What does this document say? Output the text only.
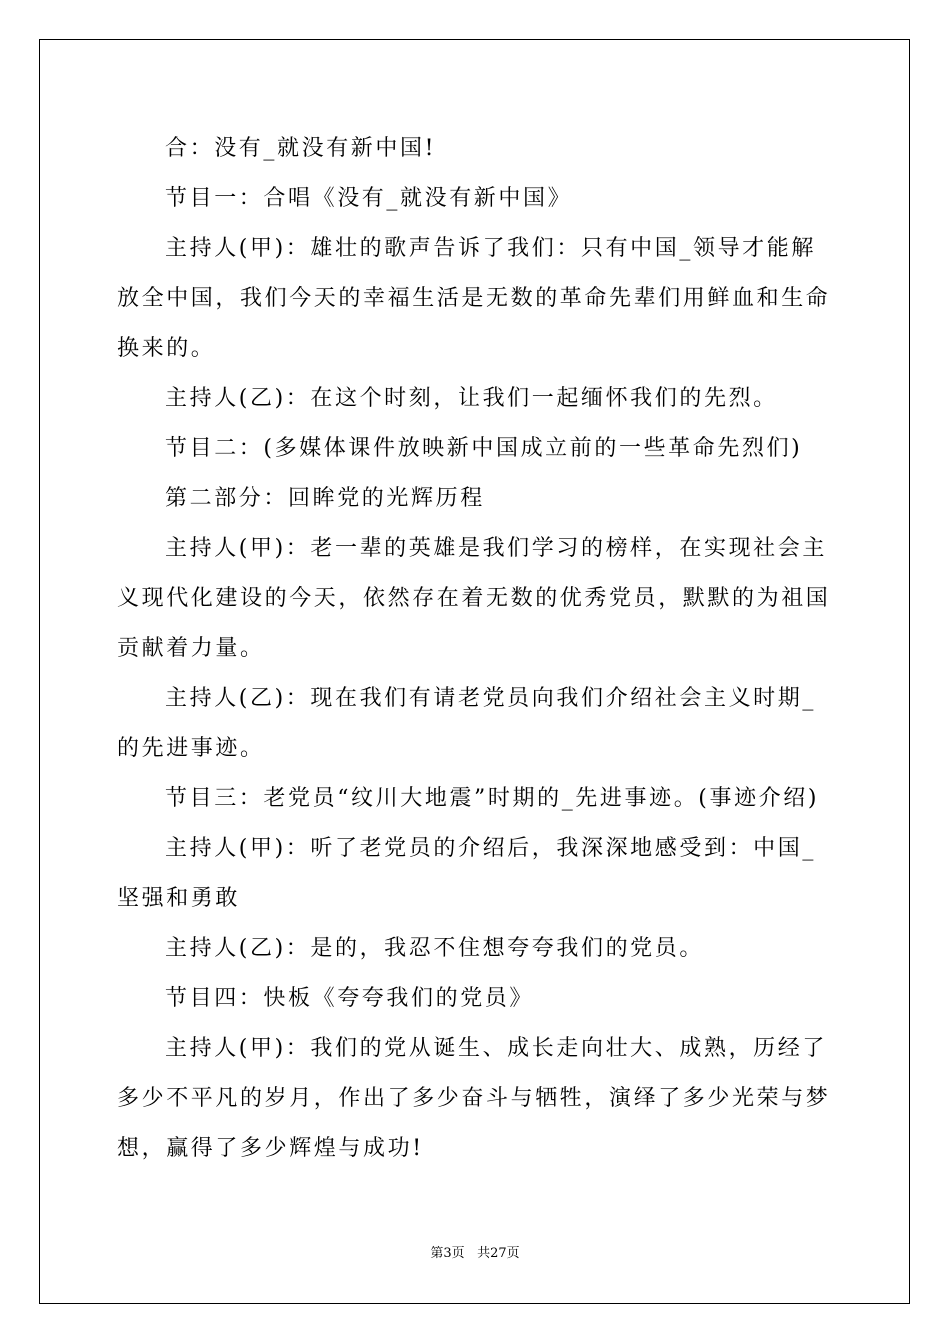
合：没有_就没有新中国!

节目一：合唱《没有_就没有新中国》

主持人(甲)：雄壮的歌声告诉了我们：只有中国_领导才能解放全中国，我们今天的幸福生活是无数的革命先辈们用鲜血和生命换来的。

主持人(乙)：在这个时刻，让我们一起缅怀我们的先烈。

节目二：(多媒体课件放映新中国成立前的一些革命先烈们)

第二部分：回眸党的光辉历程

主持人(甲)：老一辈的英雄是我们学习的榜样，在实现社会主义现代化建设的今天，依然存在着无数的优秀党员，默默的为祖国贡献着力量。

主持人(乙)：现在我们有请老党员向我们介绍社会主义时期_的先进事迹。

节目三：老党员“纹川大地震”时期的_先进事迹。(事迹介绍)

主持人(甲)：听了老党员的介绍后，我深深地感受到：中国_坚强和勇敢

主持人(乙)：是的，我忍不住想夸夸我们的党员。

节目四：快板《夸夸我们的党员》

主持人(甲)：我们的党从诞生、成长走向壮大、成熟，历经了多少不平凡的岁月，作出了多少奋斗与牺牲，演绎了多少光荣与梦想，赢得了多少辉煌与成功!

第3页 共27页
